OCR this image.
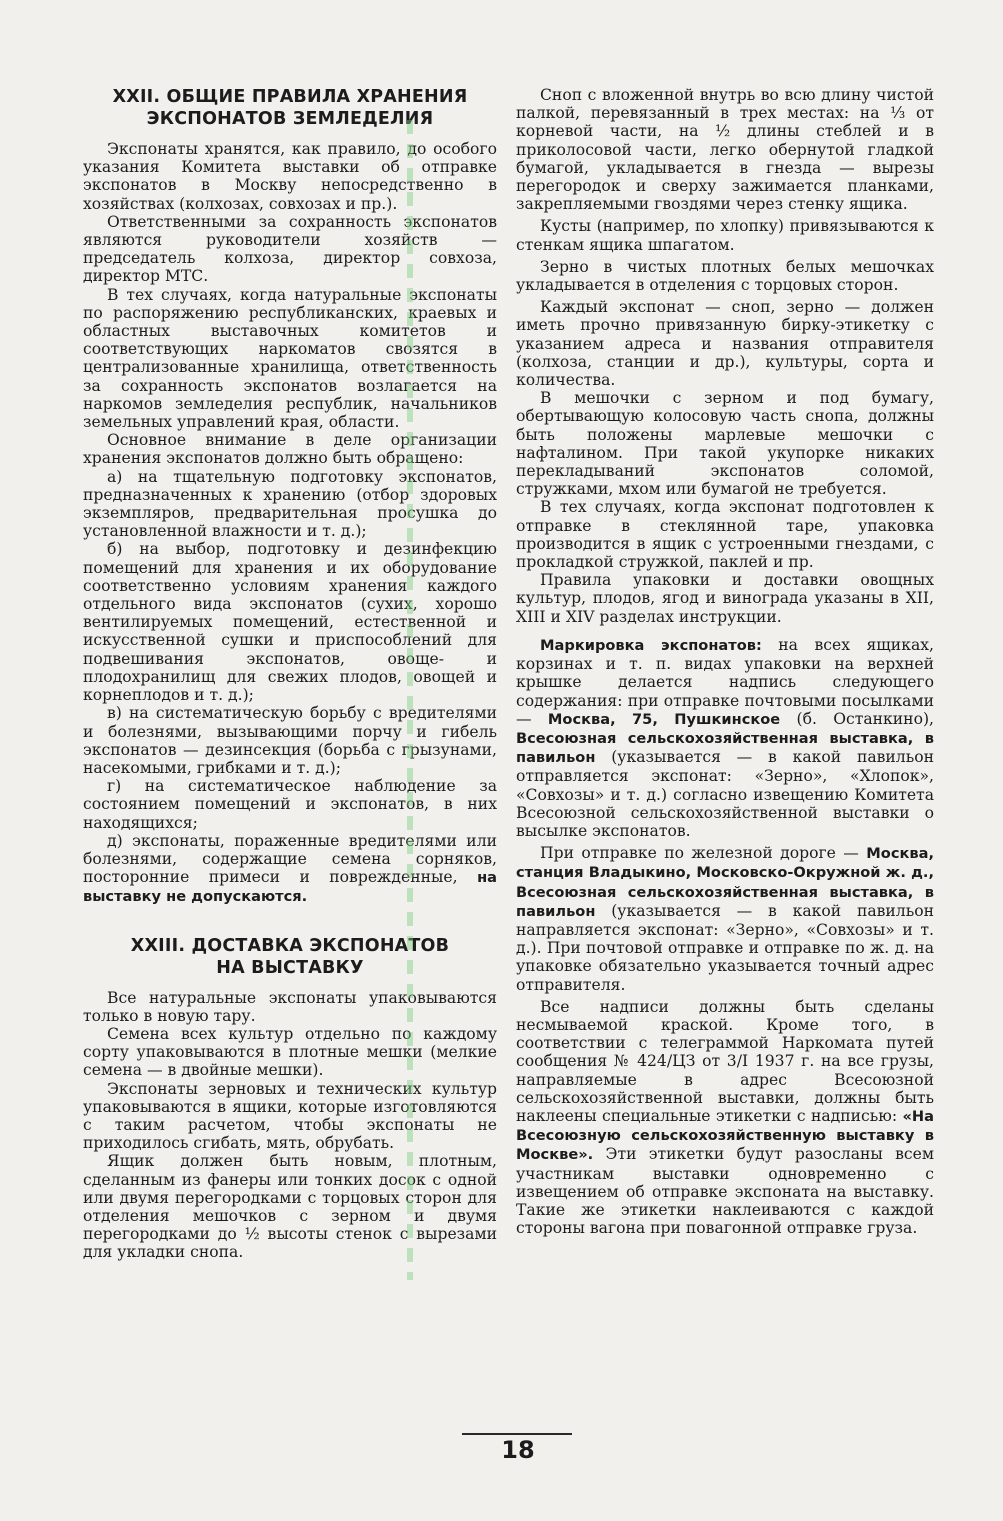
XXII. ОБЩИЕ ПРАВИЛА ХРАНЕНИЯ
ЭКСПОНАТОВ ЗЕМЛЕДЕЛИЯ

Экспонаты хранятся, как правило, до особого указания Комитета выставки об отправке экспонатов в Москву непосредственно в хозяйствах (колхозах, совхозах и пр.).

Ответственными за сохранность экспонатов являются руководители хозяйств — председатель колхоза, директор совхоза, директор МТС.

В тех случаях, когда натуральные экспонаты по распоряжению республиканских, краевых и областных выставочных комитетов и соответствующих наркоматов свозятся в централизованные хранилища, ответственность за сохранность экспонатов возлагается на наркомов земледелия республик, начальников земельных управлений края, области.

Основное внимание в деле организации хранения экспонатов должно быть обращено:

а) на тщательную подготовку экспонатов, предназначенных к хранению (отбор здоровых экземпляров, предварительная просушка до установленной влажности и т. д.);

б) на выбор, подготовку и дезинфекцию помещений для хранения и их оборудование соответственно условиям хранения каждого отдельного вида экспонатов (сухих, хорошо вентилируемых помещений, естественной и искусственной сушки и приспособлений для подвешивания экспонатов, овоще- и плодохранилищ для свежих плодов, овощей и корнеплодов и т. д.);

в) на систематическую борьбу с вредителями и болезнями, вызывающими порчу и гибель экспонатов — дезинсекция (борьба с грызунами, насекомыми, грибками и т. д.);

г) на систематическое наблюдение за состоянием помещений и экспонатов, в них находящихся;

д) экспонаты, пораженные вредителями или болезнями, содержащие семена сорняков, посторонние примеси и поврежденные, на выставку не допускаются.

XXIII. ДОСТАВКА ЭКСПОНАТОВ
НА ВЫСТАВКУ

Все натуральные экспонаты упаковываются только в новую тару.

Семена всех культур отдельно по каждому сорту упаковываются в плотные мешки (мелкие семена — в двойные мешки).

Экспонаты зерновых и технических культур упаковываются в ящики, которые изготовляются с таким расчетом, чтобы экспонаты не приходилось сгибать, мять, обрубать.

Ящик должен быть новым, плотным, сделанным из фанеры или тонких досок с одной или двумя перегородками с торцовых сторон для отделения мешочков с зерном и двумя перегородками до ½ высоты стенок с вырезами для укладки снопа.

Сноп с вложенной внутрь во всю длину чистой палкой, перевязанный в трех местах: на ⅓ от корневой части, на ½ длины стеблей и в приколосовой части, легко обернутой гладкой бумагой, укладывается в гнезда — вырезы перегородок и сверху зажимается планками, закрепляемыми гвоздями через стенку ящика.

Кусты (например, по хлопку) привязываются к стенкам ящика шпагатом.

Зерно в чистых плотных белых мешочках укладывается в отделения с торцовых сторон.

Каждый экспонат — сноп, зерно — должен иметь прочно привязанную бирку-этикетку с указанием адреса и названия отправителя (колхоза, станции и др.), культуры, сорта и количества.

В мешочки с зерном и под бумагу, обертывающую колосовую часть снопа, должны быть положены марлевые мешочки с нафталином. При такой укупорке никаких перекладываний экспонатов соломой, стружками, мхом или бумагой не требуется.

В тех случаях, когда экспонат подготовлен к отправке в стеклянной таре, упаковка производится в ящик с устроенными гнездами, с прокладкой стружкой, паклей и пр.

Правила упаковки и доставки овощных культур, плодов, ягод и винограда указаны в XII, XIII и XIV разделах инструкции.

Маркировка экспонатов: на всех ящиках, корзинах и т. п. видах упаковки на верхней крышке делается надпись следующего содержания: при отправке почтовыми посылками — Москва, 75, Пушкинское (б. Останкино), Всесоюзная сельскохозяйственная выставка, в павильон (указывается — в какой павильон отправляется экспонат: «Зерно», «Хлопок», «Совхозы» и т. д.) согласно извещению Комитета Всесоюзной сельскохозяйственной выставки о высылке экспонатов.

При отправке по железной дороге — Москва, станция Владыкино, Московско-Окружной ж. д., Всесоюзная сельскохозяйственная выставка, в павильон (указывается — в какой павильон направляется экспонат: «Зерно», «Совхозы» и т. д.). При почтовой отправке и отправке по ж. д. на упаковке обязательно указывается точный адрес отправителя.

Все надписи должны быть сделаны несмываемой краской. Кроме того, в соответствии с телеграммой Наркомата путей сообщения № 424/ЦЗ от 3/I 1937 г. на все грузы, направляемые в адрес Всесоюзной сельскохозяйственной выставки, должны быть наклеены специальные этикетки с надписью: «На Всесоюзную сельскохозяйственную выставку в Москве». Эти этикетки будут разосланы всем участникам выставки одновременно с извещением об отправке экспоната на выставку. Такие же этикетки наклеиваются с каждой стороны вагона при повагонной отправке груза.

18
